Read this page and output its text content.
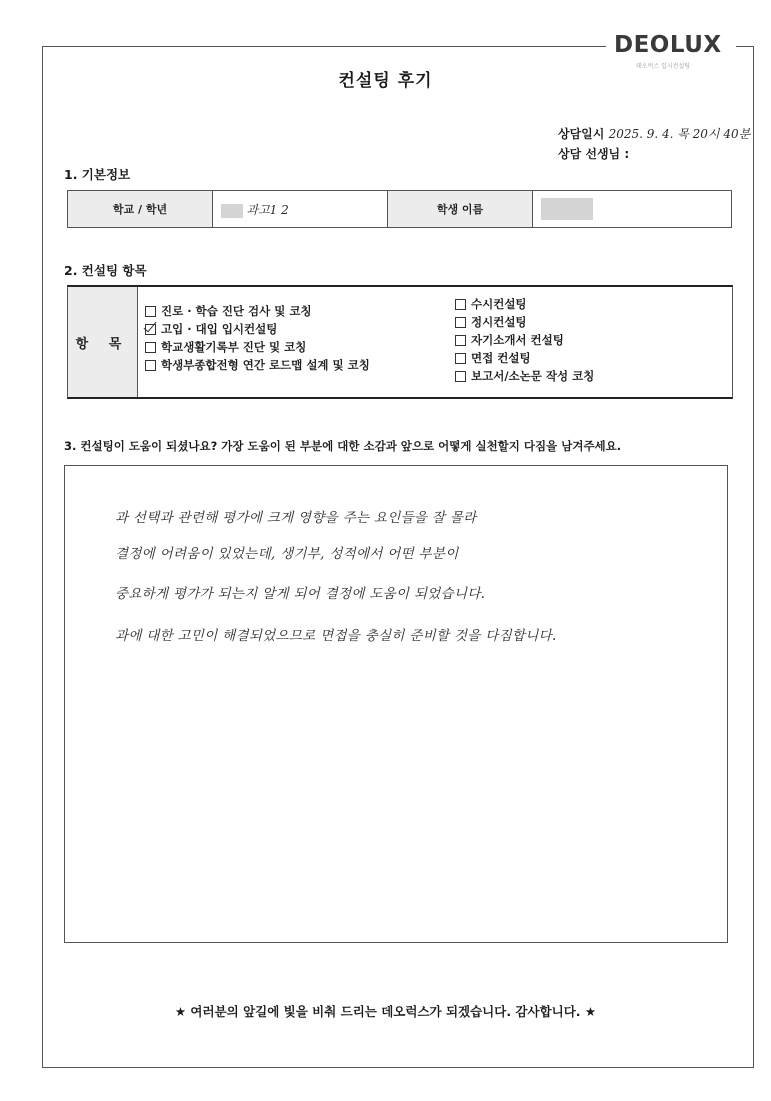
DEOLUX
데오럭스 입시컨설팅
컨설팅 후기
상담일시 2025. 9. 4. 목 20시 40분
상담 선생님 :
1. 기본정보
학교 / 학년	과고1 2	학생 이름	
2. 컨설팅 항목
항 목
진로 · 학습 진단 검사 및 코칭
고입 · 대입 입시컨설팅
학교생활기록부 진단 및 코칭
학생부종합전형 연간 로드맵 설계 및 코칭
수시컨설팅
정시컨설팅
자기소개서 컨설팅
면접 컨설팅
보고서/소논문 작성 코칭
3. 컨설팅이 도움이 되셨나요? 가장 도움이 된 부분에 대한 소감과 앞으로 어떻게 실천할지 다짐을 남겨주세요.
과 선택과 관련해 평가에 크게 영향을 주는 요인들을 잘 몰라
결정에 어려움이 있었는데, 생기부, 성적에서 어떤 부분이
중요하게 평가가 되는지 알게 되어 결정에 도움이 되었습니다.
과에 대한 고민이 해결되었으므로 면접을 충실히 준비할 것을 다짐합니다.
★ 여러분의 앞길에 빛을 비춰 드리는 데오럭스가 되겠습니다. 감사합니다. ★
